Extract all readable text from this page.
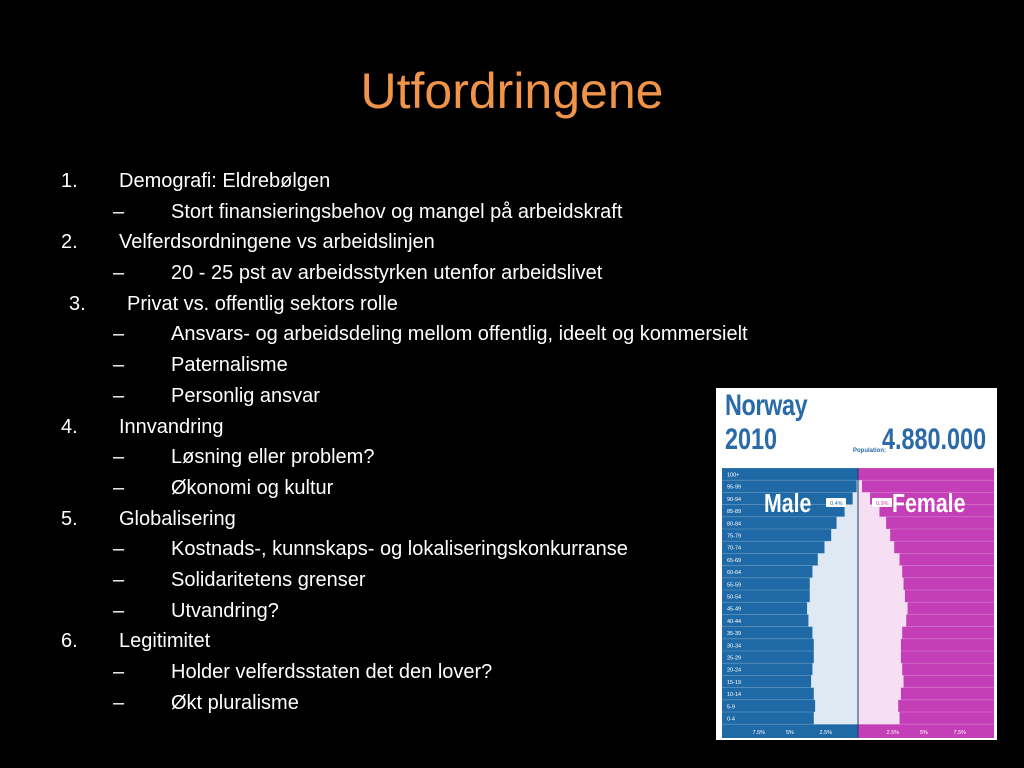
Utfordringene
1. Demografi: Eldrebølgen
– Stort finansieringsbehov og mangel på arbeidskraft
2. Velferdsordningene vs arbeidslinjen
– 20 - 25 pst av arbeidsstyrken utenfor arbeidslivet
3. Privat vs. offentlig sektors rolle
– Ansvars- og arbeidsdeling mellom offentlig, ideelt og kommersielt
– Paternalisme
– Personlig ansvar
4. Innvandring
– Løsning eller problem?
– Økonomi og kultur
5. Globalisering
– Kostnads-, kunnskaps- og lokaliseringskonkurranse
– Solidaritetens grenser
– Utvandring?
6. Legitimitet
– Holder velferdsstaten det den lover?
– Økt pluralisme
Norway
2010	Population:
4.880.000
100+
95-99
90-94
85-89
80-84
75-79
70-74
65-69
60-64
55-59
50-54
45-49
40-44
35-39
30-34
25-29
20-24
15-19
10-14
5-9
0-4
Male	Female
0.4%	0.9%
7.5%	5%	2.5%	2.5%	5%	7.5%
